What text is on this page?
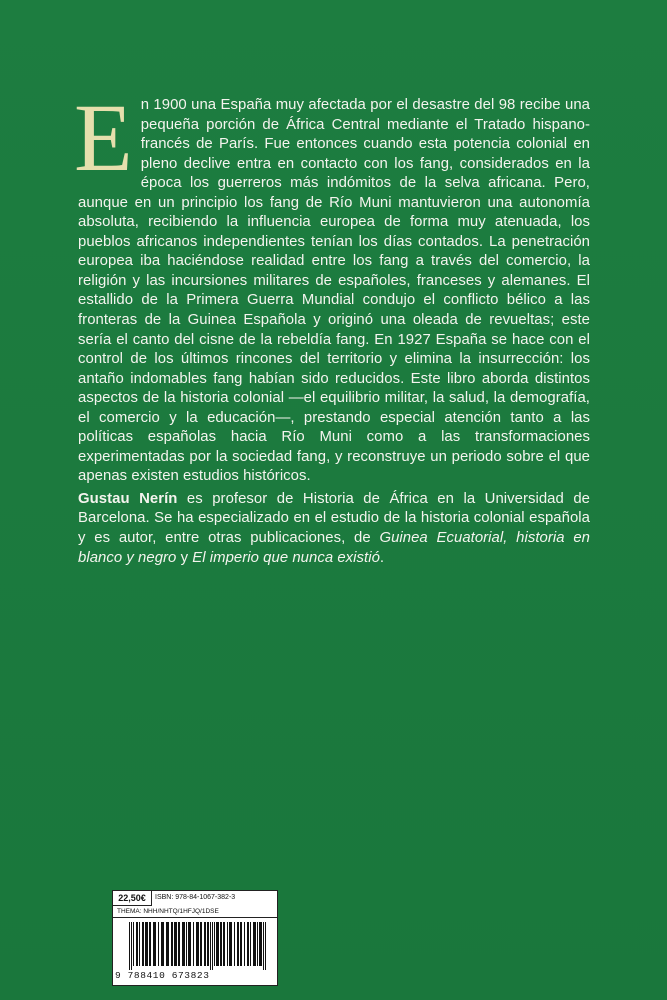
E n 1900 una España muy afectada por el desastre del 98 recibe una pequeña porción de África Central mediante el Tratado hispano-francés de París. Fue entonces cuando esta potencia colonial en pleno declive entra en contacto con los fang, considerados en la época los guerreros más indómitos de la selva africana. Pero, aunque en un principio los fang de Río Muni mantuvieron una autonomía absoluta, recibiendo la influencia europea de forma muy atenuada, los pueblos africanos independientes tenían los días contados. La penetración europea iba haciéndose realidad entre los fang a través del comercio, la religión y las incursiones militares de españoles, franceses y alemanes. El estallido de la Primera Guerra Mundial condujo el conflicto bélico a las fronteras de la Guinea Española y originó una oleada de revueltas; este sería el canto del cisne de la rebeldía fang. En 1927 España se hace con el control de los últimos rincones del territorio y elimina la insurrección: los antaño indomables fang habían sido reducidos. Este libro aborda distintos aspectos de la historia colonial —el equilibrio militar, la salud, la demografía, el comercio y la educación—, prestando especial atención tanto a las políticas españolas hacia Río Muni como a las transformaciones experimentadas por la sociedad fang, y reconstruye un periodo sobre el que apenas existen estudios históricos.

Gustau Nerín es profesor de Historia de África en la Universidad de Barcelona. Se ha especializado en el estudio de la historia colonial española y es autor, entre otras publicaciones, de Guinea Ecuatorial, historia en blanco y negro y El imperio que nunca existió.

22,50€	ISBN: 978-84-1067-382-3
THEMA: NHH/NHTQ/1HFJQ/1DSE
9 788410 673823
